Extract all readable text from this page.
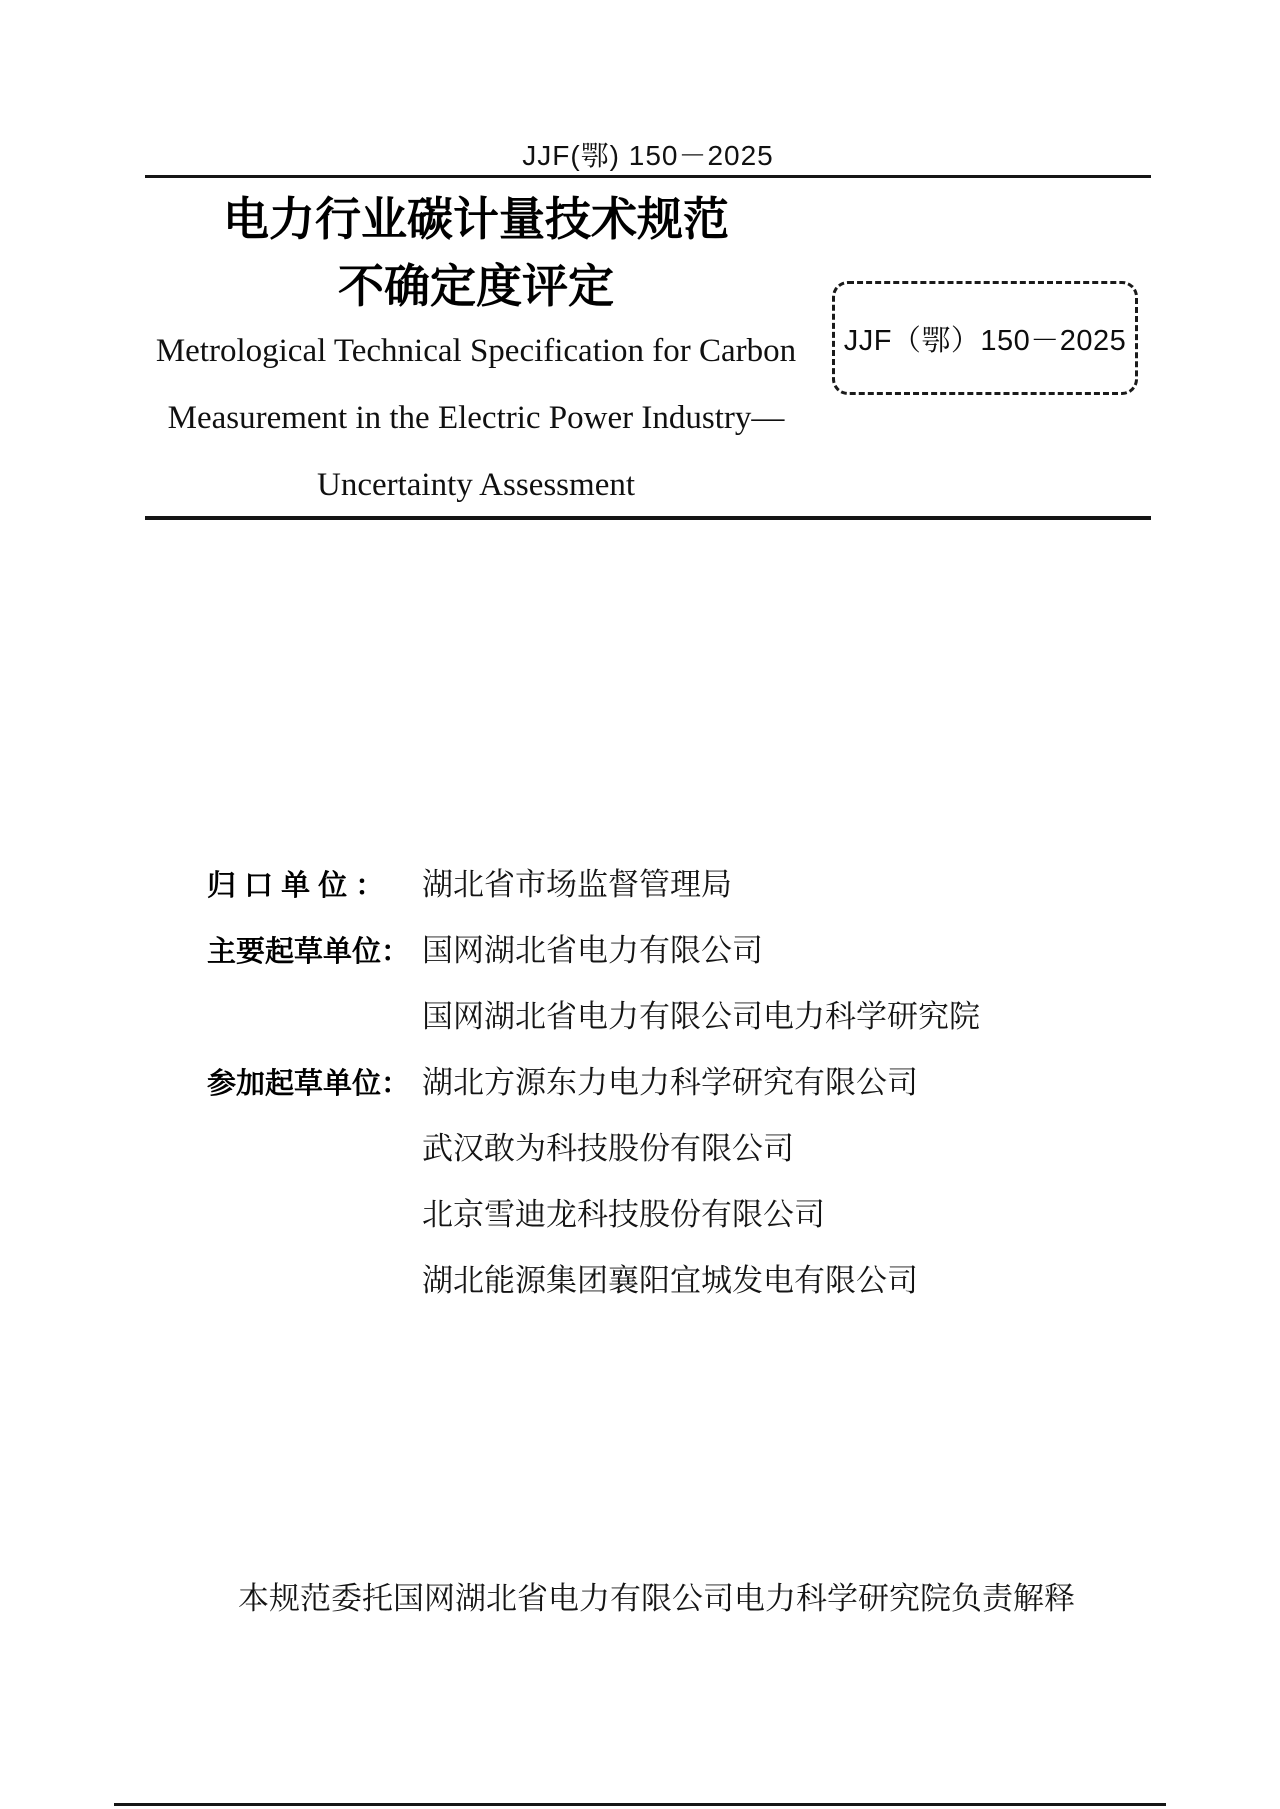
JJF(鄂) 150－2025
电力行业碳计量技术规范
不确定度评定
Metrological Technical Specification for Carbon
Measurement in the Electric Power Industry—
Uncertainty Assessment
JJF（鄂）150－2025
归 口 单 位 ：	湖北省市场监督管理局
主要起草单位： 国网湖北省电力有限公司
国网湖北省电力有限公司电力科学研究院
参加起草单位： 湖北方源东力电力科学研究有限公司
武汉敢为科技股份有限公司
北京雪迪龙科技股份有限公司
湖北能源集团襄阳宜城发电有限公司
本规范委托国网湖北省电力有限公司电力科学研究院负责解释
